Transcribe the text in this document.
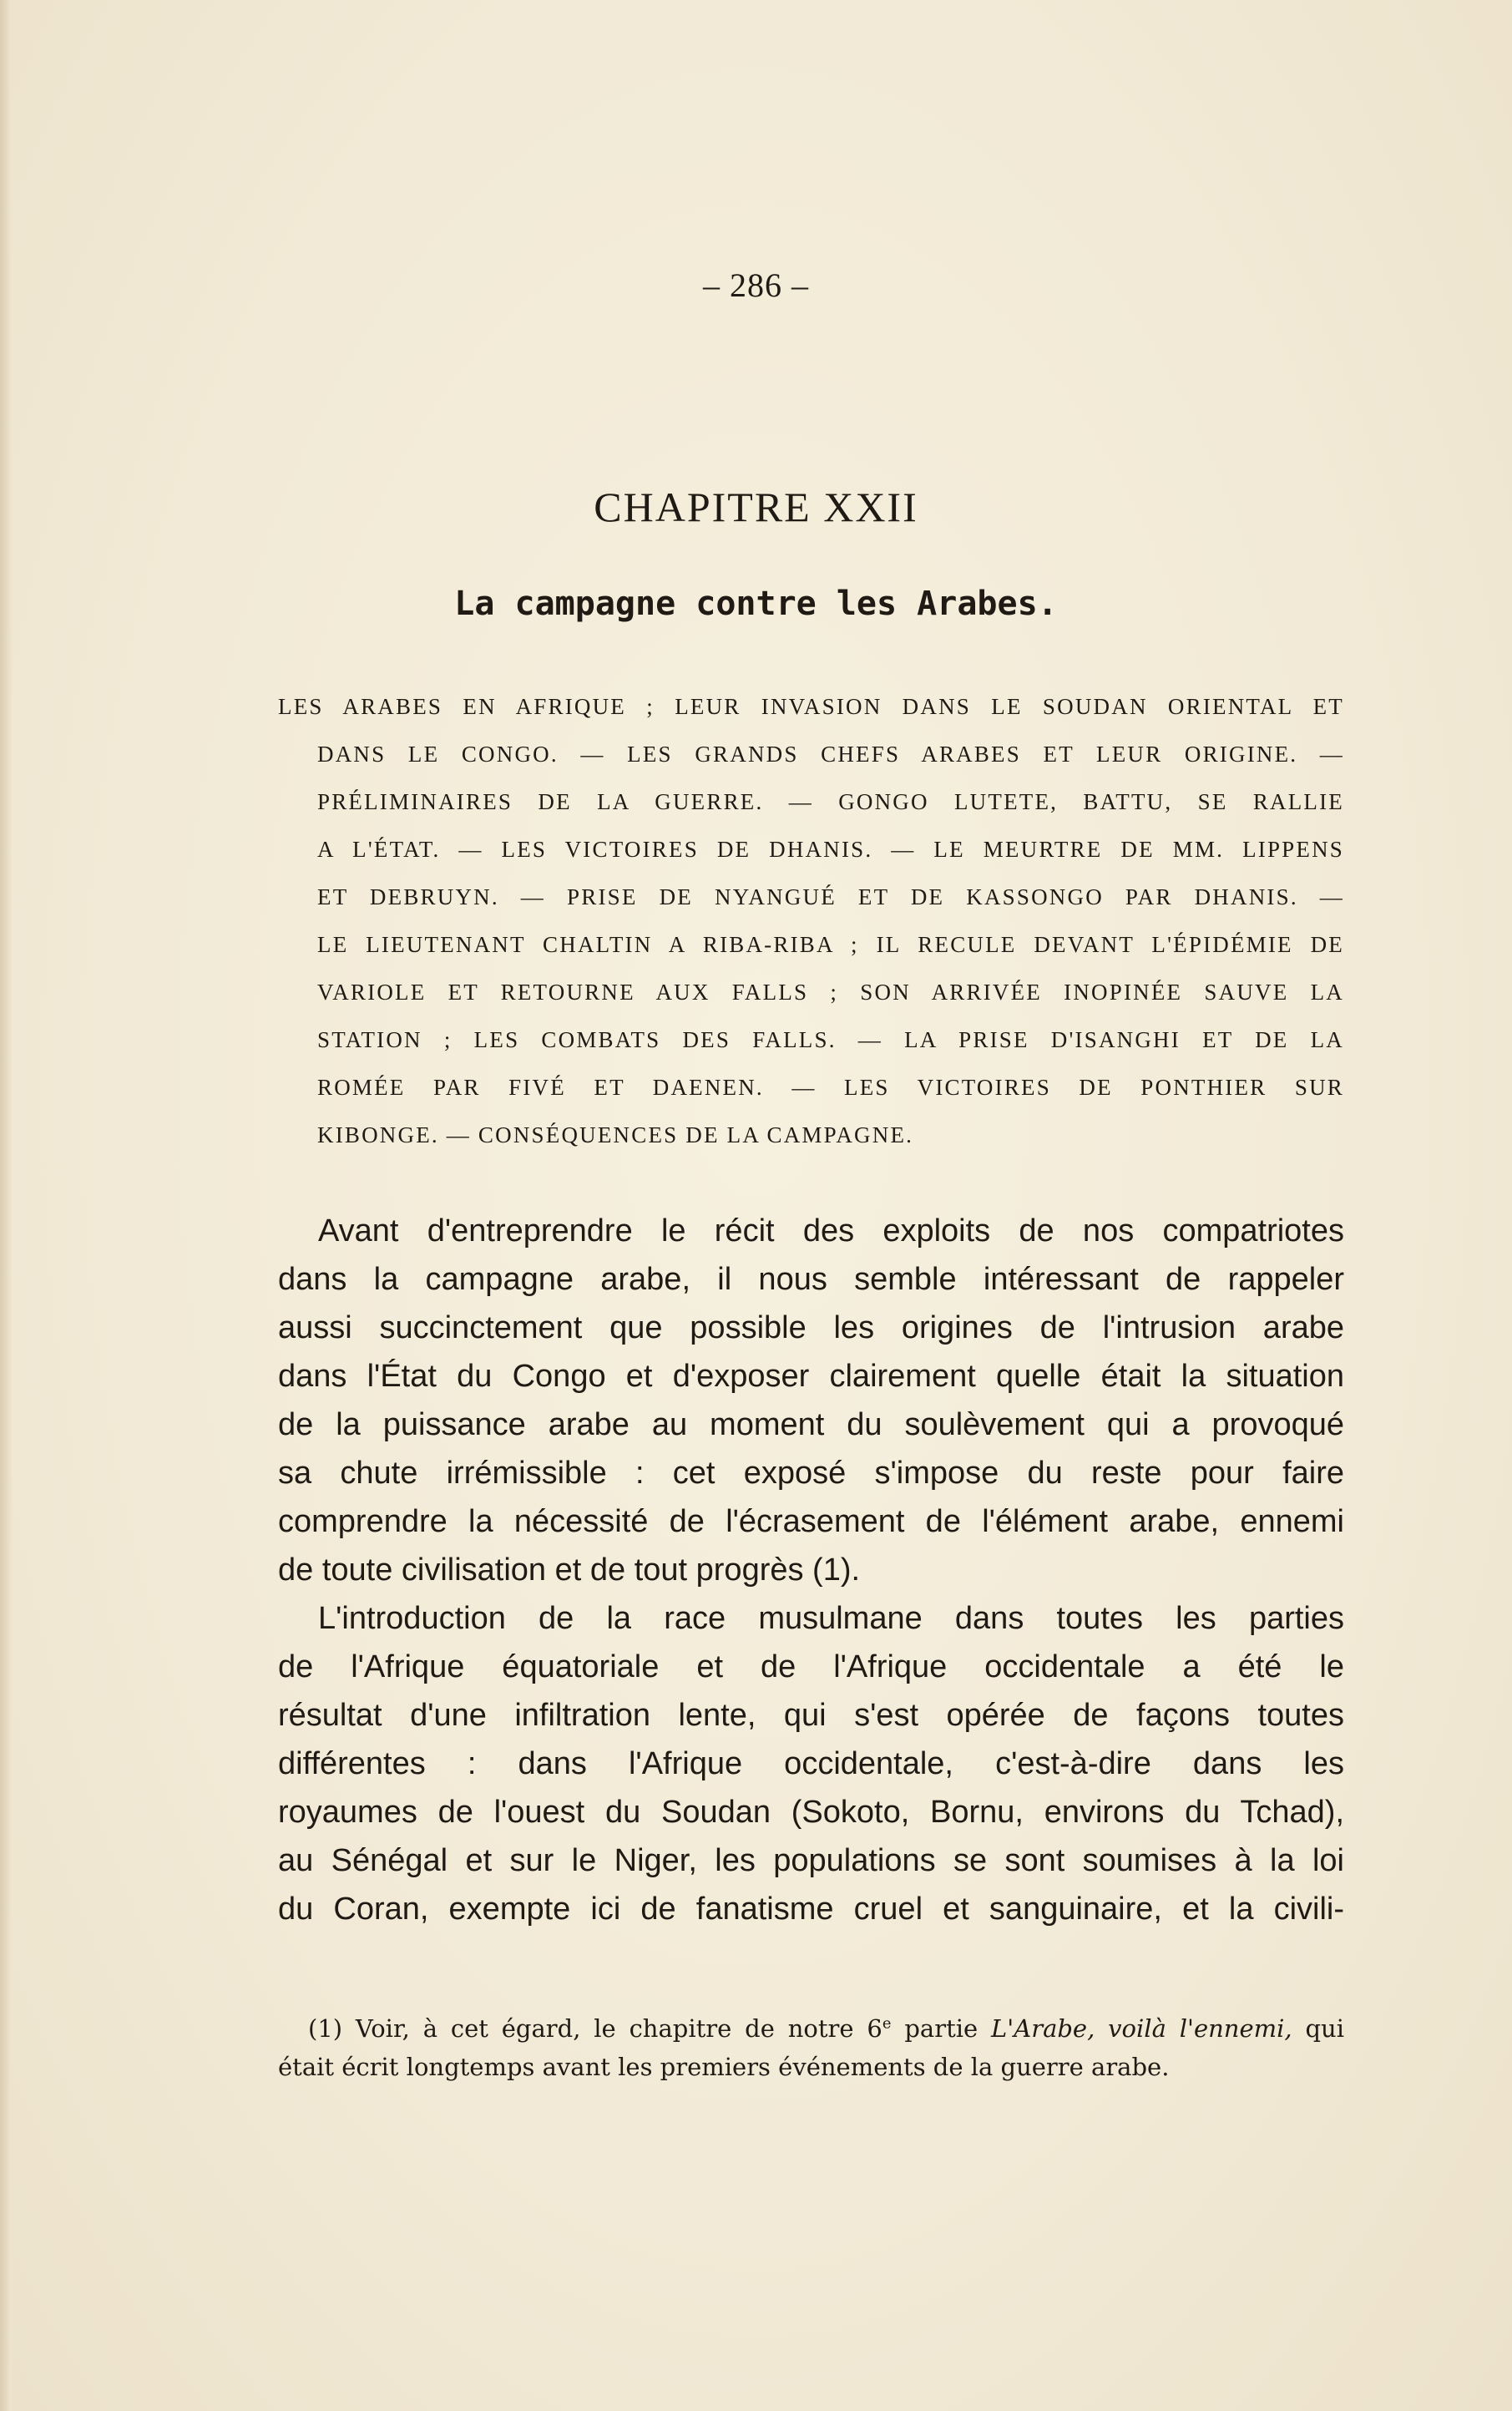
– 286 –
CHAPITRE XXII
La campagne contre les Arabes.
LES ARABES EN AFRIQUE ; LEUR INVASION DANS LE SOUDAN ORIENTAL ET
DANS LE CONGO. — LES GRANDS CHEFS ARABES ET LEUR ORIGINE. —
PRÉLIMINAIRES DE LA GUERRE. — GONGO LUTETE, BATTU, SE RALLIE
A L'ÉTAT. — LES VICTOIRES DE DHANIS. — LE MEURTRE DE MM. LIPPENS
ET DEBRUYN. — PRISE DE NYANGUÉ ET DE KASSONGO PAR DHANIS. —
LE LIEUTENANT CHALTIN A RIBA-RIBA ; IL RECULE DEVANT L'ÉPIDÉMIE DE
VARIOLE ET RETOURNE AUX FALLS ; SON ARRIVÉE INOPINÉE SAUVE LA
STATION ; LES COMBATS DES FALLS. — LA PRISE D'ISANGHI ET DE LA
ROMÉE PAR FIVÉ ET DAENEN. — LES VICTOIRES DE PONTHIER SUR
KIBONGE. — CONSÉQUENCES DE LA CAMPAGNE.
Avant d'entreprendre le récit des exploits de nos compatriotes
dans la campagne arabe, il nous semble intéressant de rappeler
aussi succinctement que possible les origines de l'intrusion arabe
dans l'État du Congo et d'exposer clairement quelle était la situation
de la puissance arabe au moment du soulèvement qui a provoqué
sa chute irrémissible : cet exposé s'impose du reste pour faire
comprendre la nécessité de l'écrasement de l'élément arabe, ennemi
de toute civilisation et de tout progrès (1).
L'introduction de la race musulmane dans toutes les parties
de l'Afrique équatoriale et de l'Afrique occidentale a été le
résultat d'une infiltration lente, qui s'est opérée de façons toutes
différentes : dans l'Afrique occidentale, c'est-à-dire dans les
royaumes de l'ouest du Soudan (Sokoto, Bornu, environs du Tchad),
au Sénégal et sur le Niger, les populations se sont soumises à la loi
du Coran, exempte ici de fanatisme cruel et sanguinaire, et la civili-
(1) Voir, à cet égard, le chapitre de notre 6e partie L'Arabe, voilà l'ennemi, qui
était écrit longtemps avant les premiers événements de la guerre arabe.
